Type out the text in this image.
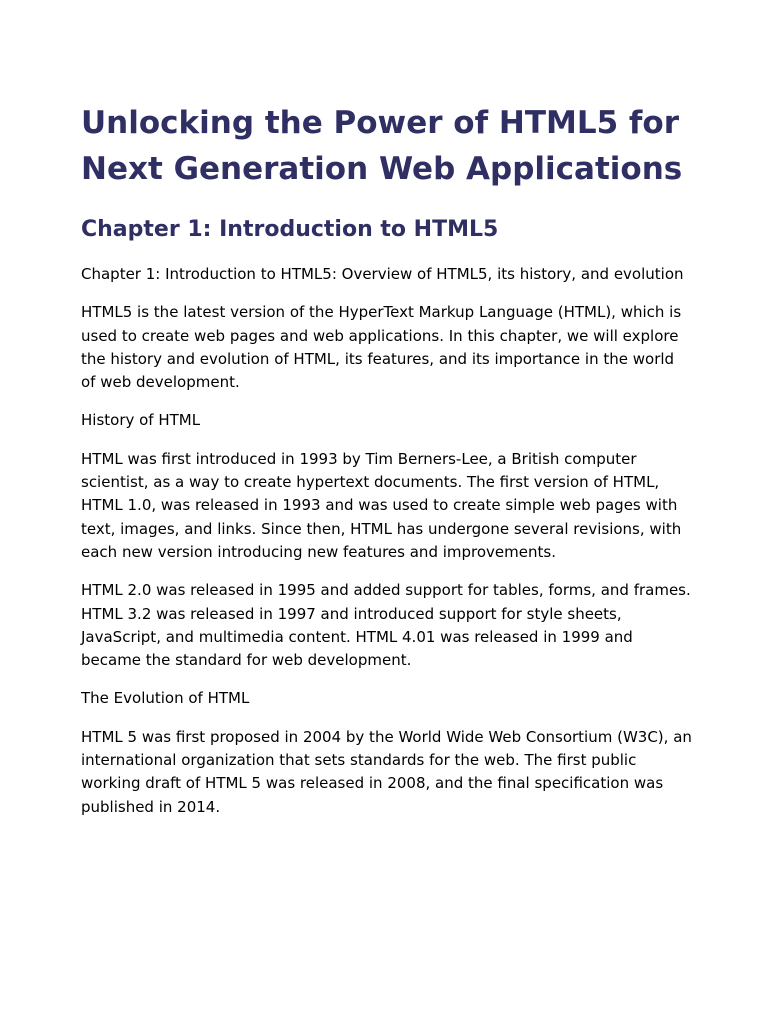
Unlocking the Power of HTML5 for Next Generation Web Applications
Chapter 1: Introduction to HTML5

Chapter 1: Introduction to HTML5: Overview of HTML5, its history, and evolution

HTML5 is the latest version of the HyperText Markup Language (HTML), which is used to create web pages and web applications. In this chapter, we will explore the history and evolution of HTML, its features, and its importance in the world of web development.

History of HTML

HTML was first introduced in 1993 by Tim Berners-Lee, a British computer scientist, as a way to create hypertext documents. The first version of HTML, HTML 1.0, was released in 1993 and was used to create simple web pages with text, images, and links. Since then, HTML has undergone several revisions, with each new version introducing new features and improvements.

HTML 2.0 was released in 1995 and added support for tables, forms, and frames. HTML 3.2 was released in 1997 and introduced support for style sheets, JavaScript, and multimedia content. HTML 4.01 was released in 1999 and became the standard for web development.

The Evolution of HTML

HTML 5 was first proposed in 2004 by the World Wide Web Consortium (W3C), an international organization that sets standards for the web. The first public working draft of HTML 5 was released in 2008, and the final specification was published in 2014.
